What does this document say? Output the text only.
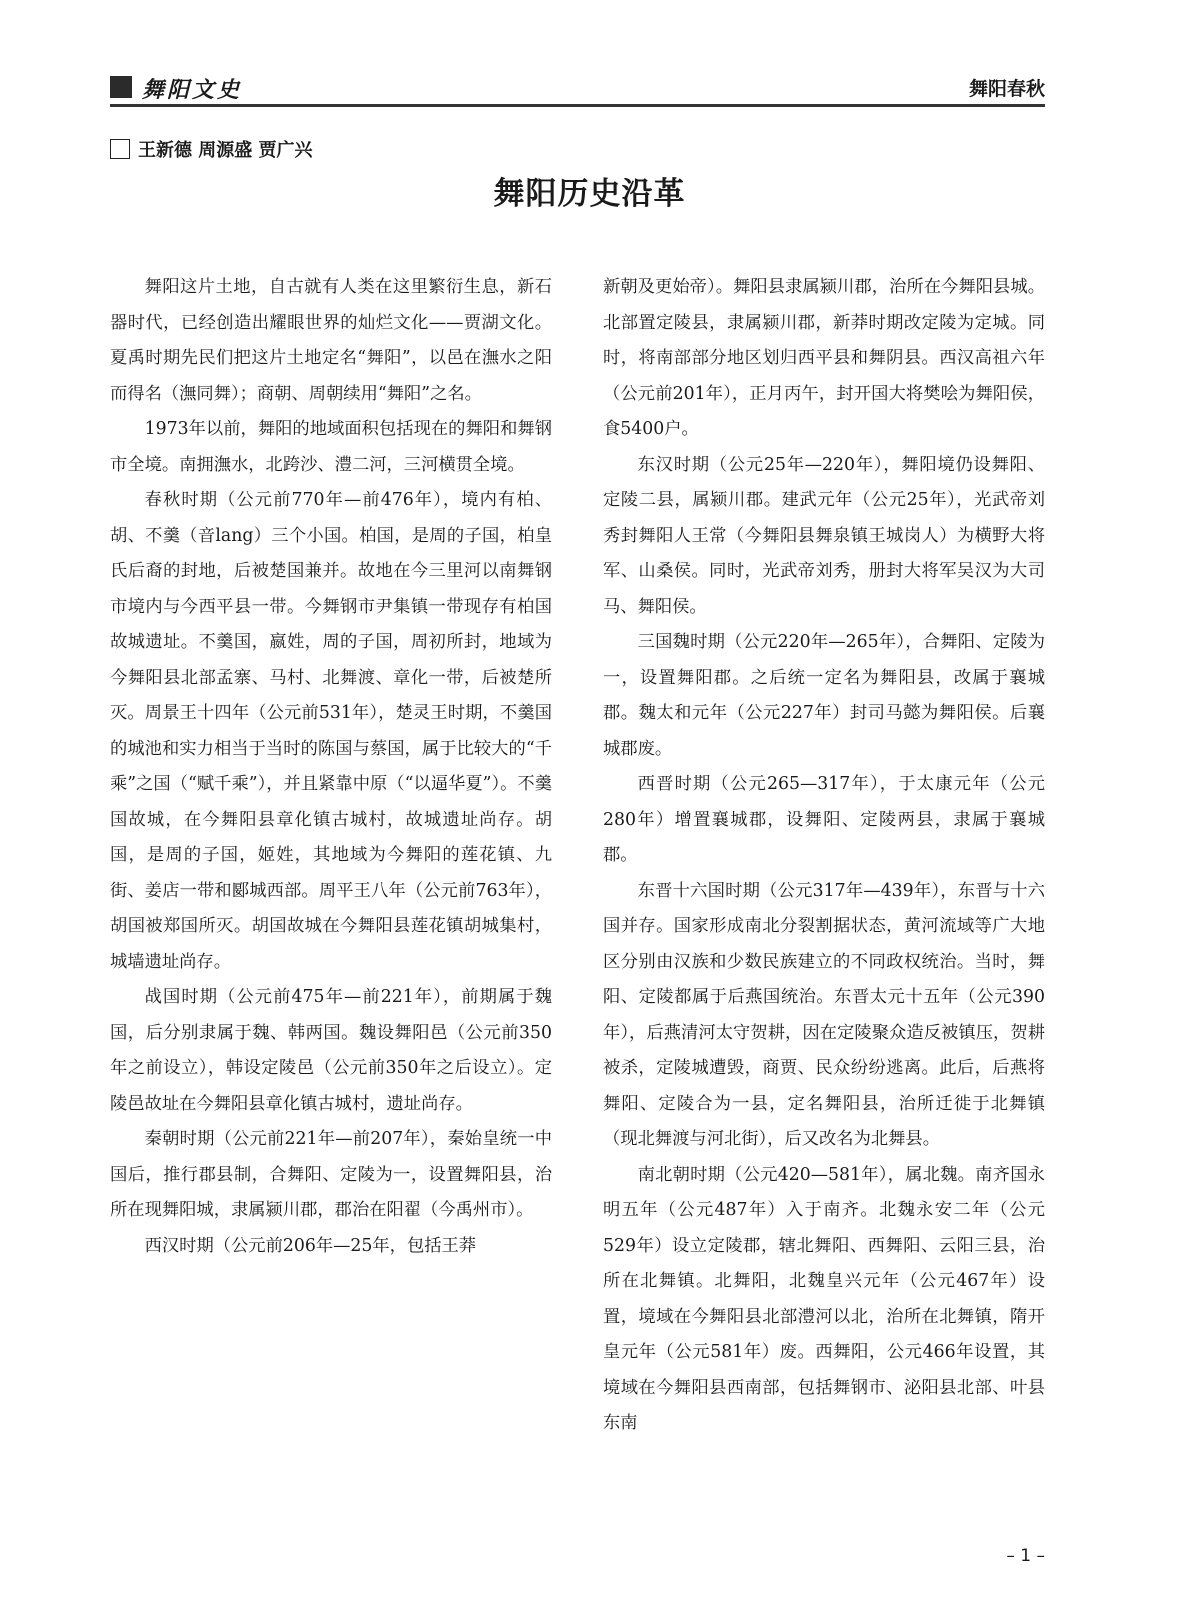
舞阳文史	舞阳春秋
王新德 周源盛 贾广兴
舞阳历史沿革

舞阳这片土地，自古就有人类在这里繁衍生息，新石器时代，已经创造出耀眼世界的灿烂文化——贾湖文化。夏禹时期先民们把这片土地定名“舞阳”，以邑在潕水之阳而得名（潕同舞）；商朝、周朝续用“舞阳”之名。

1973年以前，舞阳的地域面积包括现在的舞阳和舞钢市全境。南拥潕水，北跨沙、澧二河，三河横贯全境。

春秋时期（公元前770年—前476年），境内有柏、胡、不羹（音lang）三个小国。柏国，是周的子国，柏皇氏后裔的封地，后被楚国兼并。故地在今三里河以南舞钢市境内与今西平县一带。今舞钢市尹集镇一带现存有柏国故城遗址。不羹国，嬴姓，周的子国，周初所封，地域为今舞阳县北部孟寨、马村、北舞渡、章化一带，后被楚所灭。周景王十四年（公元前531年），楚灵王时期，不羹国的城池和实力相当于当时的陈国与蔡国，属于比较大的“千乘”之国（“赋千乘”），并且紧靠中原（“以逼华夏”）。不羹国故城，在今舞阳县章化镇古城村，故城遗址尚存。胡国，是周的子国，姬姓，其地域为今舞阳的莲花镇、九街、姜店一带和郾城西部。周平王八年（公元前763年），胡国被郑国所灭。胡国故城在今舞阳县莲花镇胡城集村，城墙遗址尚存。

战国时期（公元前475年—前221年），前期属于魏国，后分别隶属于魏、韩两国。魏设舞阳邑（公元前350年之前设立），韩设定陵邑（公元前350年之后设立）。定陵邑故址在今舞阳县章化镇古城村，遗址尚存。

秦朝时期（公元前221年—前207年），秦始皇统一中国后，推行郡县制，合舞阳、定陵为一，设置舞阳县，治所在现舞阳城，隶属颍川郡，郡治在阳翟（今禹州市）。

西汉时期（公元前206年—25年，包括王莽

新朝及更始帝）。舞阳县隶属颍川郡，治所在今舞阳县城。北部置定陵县，隶属颍川郡，新莽时期改定陵为定城。同时，将南部部分地区划归西平县和舞阴县。西汉高祖六年（公元前201年），正月丙午，封开国大将樊哙为舞阳侯，食5400户。

东汉时期（公元25年—220年），舞阳境仍设舞阳、定陵二县，属颍川郡。建武元年（公元25年），光武帝刘秀封舞阳人王常（今舞阳县舞泉镇王城岗人）为横野大将军、山桑侯。同时，光武帝刘秀，册封大将军吴汉为大司马、舞阳侯。

三国魏时期（公元220年—265年），合舞阳、定陵为一，设置舞阳郡。之后统一定名为舞阳县，改属于襄城郡。魏太和元年（公元227年）封司马懿为舞阳侯。后襄城郡废。

西晋时期（公元265—317年），于太康元年（公元280年）增置襄城郡，设舞阳、定陵两县，隶属于襄城郡。

东晋十六国时期（公元317年—439年），东晋与十六国并存。国家形成南北分裂割据状态，黄河流域等广大地区分别由汉族和少数民族建立的不同政权统治。当时，舞阳、定陵都属于后燕国统治。东晋太元十五年（公元390年），后燕清河太守贺耕，因在定陵聚众造反被镇压，贺耕被杀，定陵城遭毁，商贾、民众纷纷逃离。此后，后燕将舞阳、定陵合为一县，定名舞阳县，治所迁徙于北舞镇（现北舞渡与河北街），后又改名为北舞县。

南北朝时期（公元420—581年），属北魏。南齐国永明五年（公元487年）入于南齐。北魏永安二年（公元529年）设立定陵郡，辖北舞阳、西舞阳、云阳三县，治所在北舞镇。北舞阳，北魏皇兴元年（公元467年）设置，境域在今舞阳县北部澧河以北，治所在北舞镇，隋开皇元年（公元581年）废。西舞阳，公元466年设置，其境域在今舞阳县西南部，包括舞钢市、泌阳县北部、叶县东南

– 1 –
